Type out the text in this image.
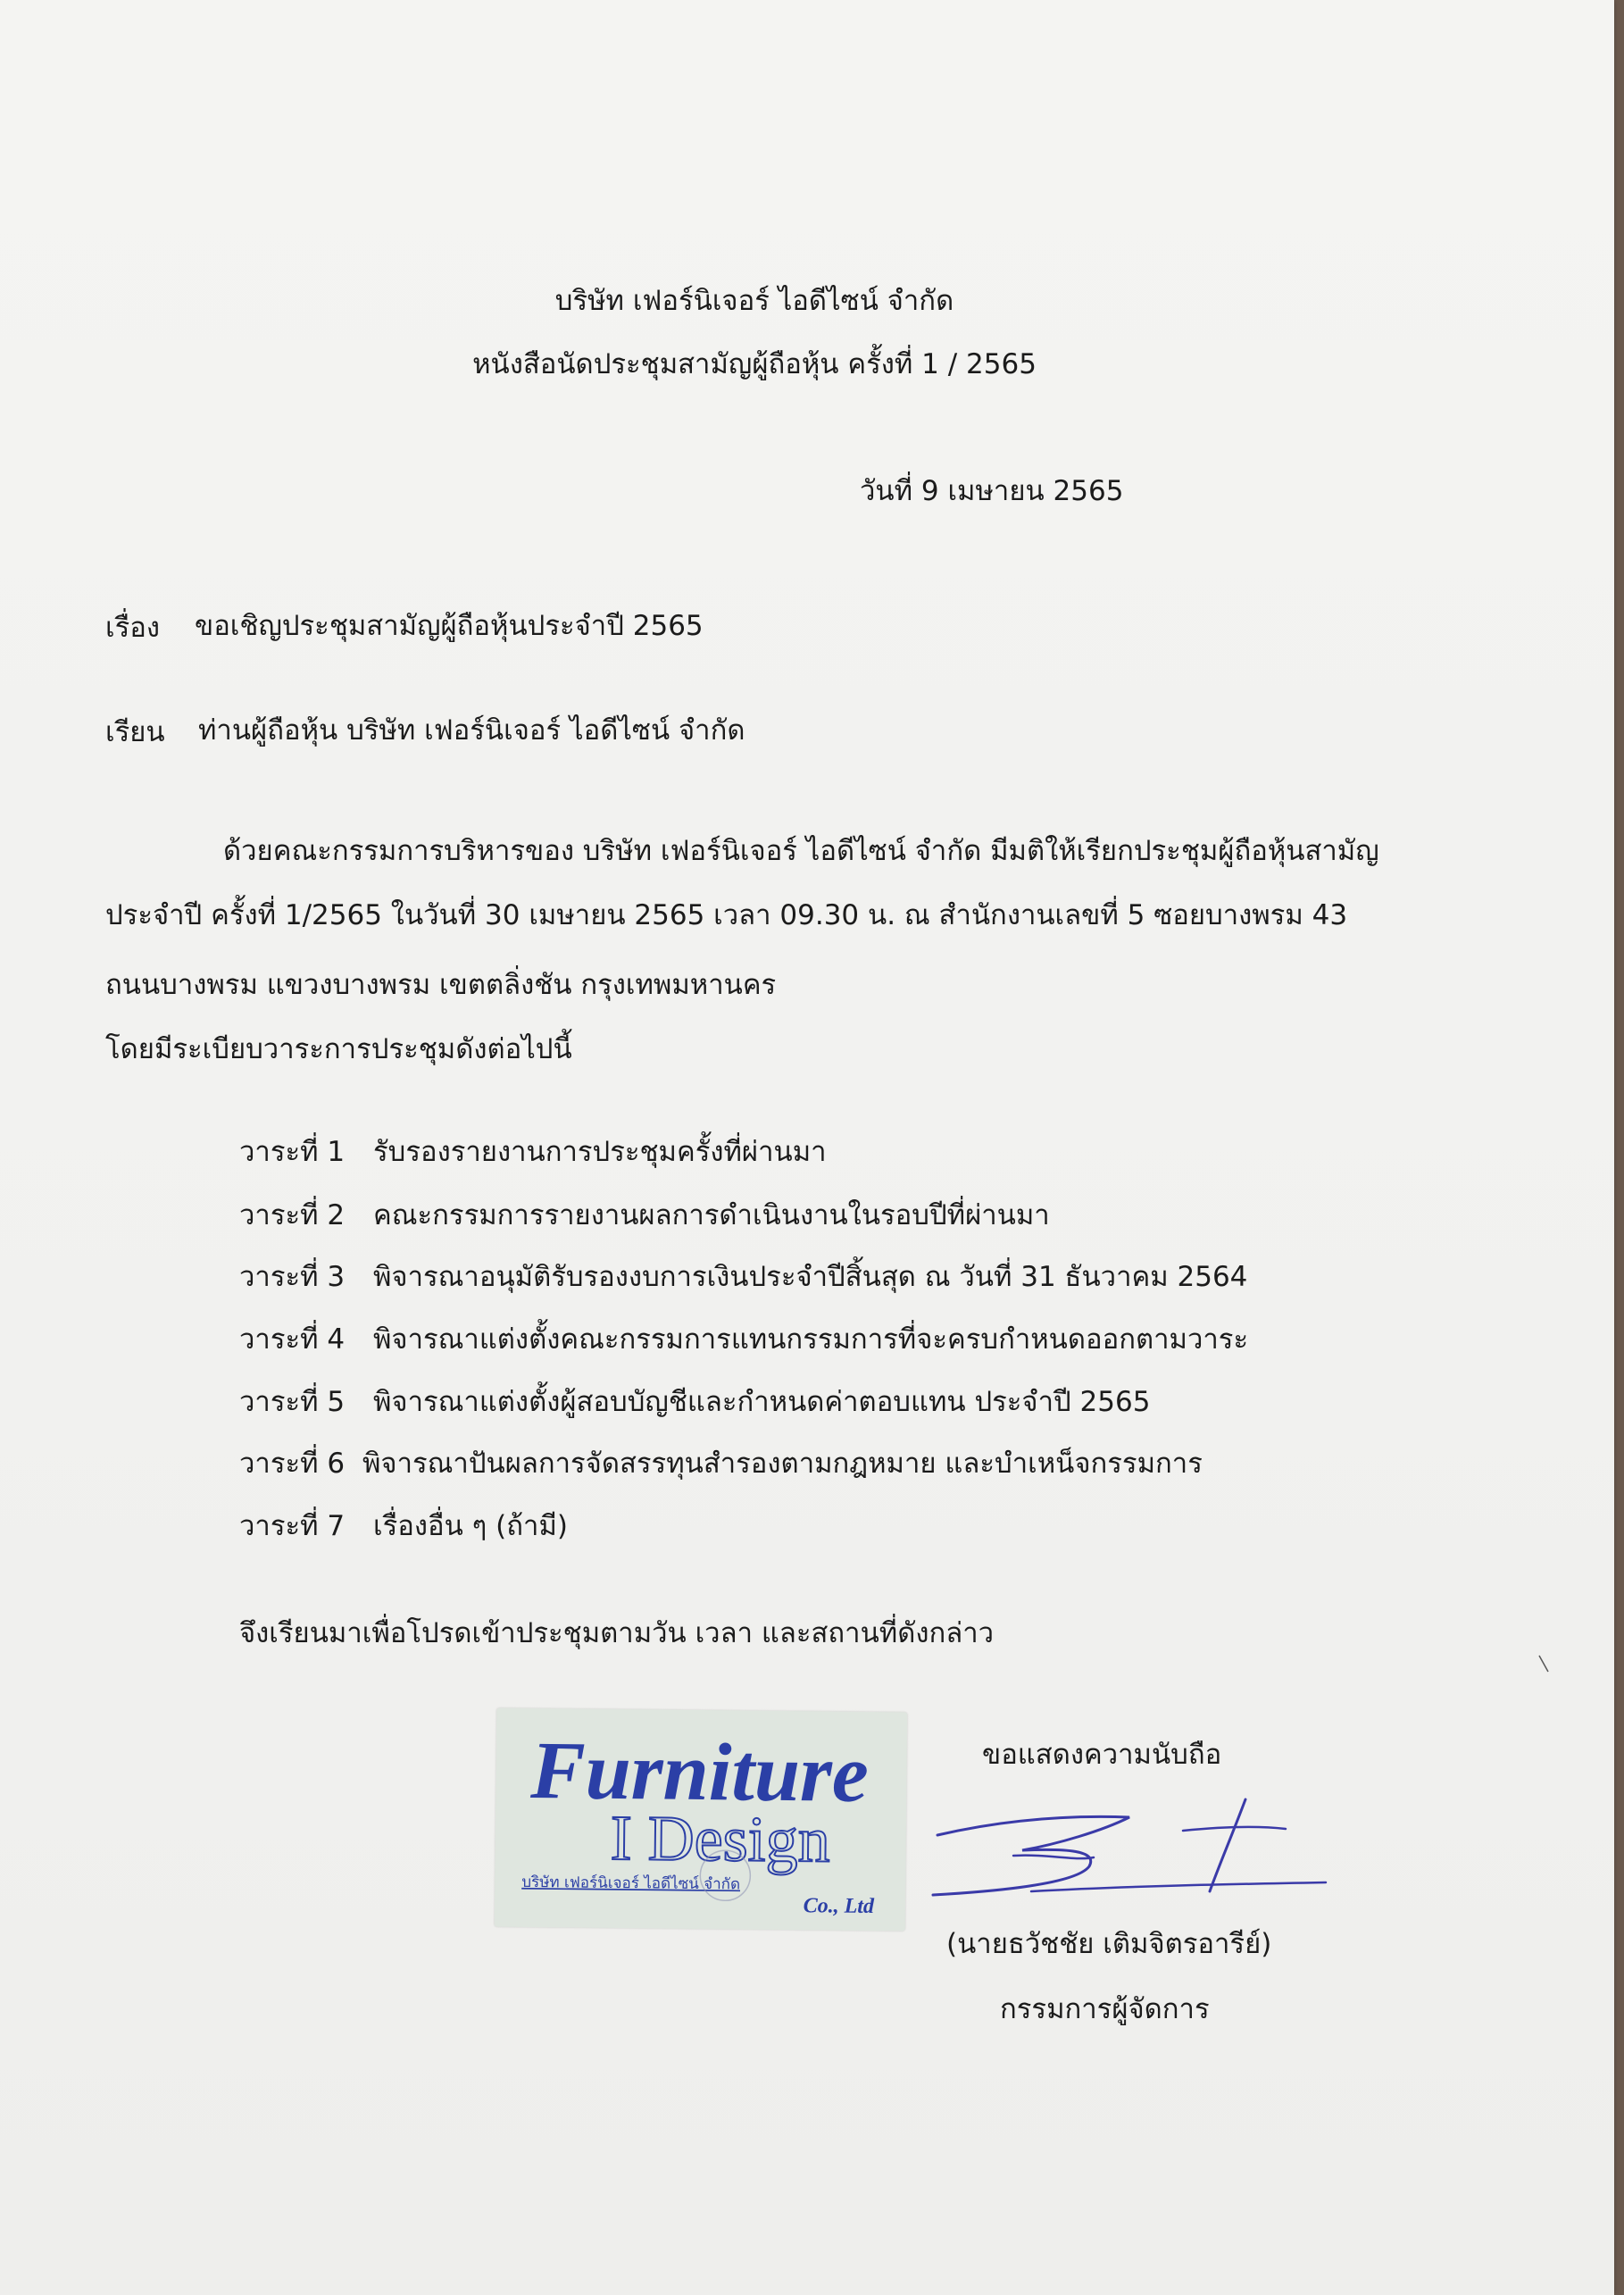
บริษัท เฟอร์นิเจอร์ ไอดีไซน์ จำกัด
หนังสือนัดประชุมสามัญผู้ถือหุ้น ครั้งที่ 1 / 2565
วันที่ 9 เมษายน 2565
เรื่อง ขอเชิญประชุมสามัญผู้ถือหุ้นประจำปี 2565
เรียน ท่านผู้ถือหุ้น บริษัท เฟอร์นิเจอร์ ไอดีไซน์ จำกัด
ด้วยคณะกรรมการบริหารของ บริษัท เฟอร์นิเจอร์ ไอดีไซน์ จำกัด มีมติให้เรียกประชุมผู้ถือหุ้นสามัญ
ประจำปี ครั้งที่ 1/2565 ในวันที่ 30 เมษายน 2565 เวลา 09.30 น. ณ สำนักงานเลขที่ 5 ซอยบางพรม 43
ถนนบางพรม แขวงบางพรม เขตตลิ่งชัน กรุงเทพมหานคร
โดยมีระเบียบวาระการประชุมดังต่อไปนี้
วาระที่ 1 รับรองรายงานการประชุมครั้งที่ผ่านมา
วาระที่ 2 คณะกรรมการรายงานผลการดำเนินงานในรอบปีที่ผ่านมา
วาระที่ 3 พิจารณาอนุมัติรับรองงบการเงินประจำปีสิ้นสุด ณ วันที่ 31 ธันวาคม 2564
วาระที่ 4 พิจารณาแต่งตั้งคณะกรรมการแทนกรรมการที่จะครบกำหนดออกตามวาระ
วาระที่ 5 พิจารณาแต่งตั้งผู้สอบบัญชีและกำหนดค่าตอบแทน ประจำปี 2565
วาระที่ 6 พิจารณาปันผลการจัดสรรทุนสำรองตามกฎหมาย และบำเหน็จกรรมการ
วาระที่ 7 เรื่องอื่น ๆ (ถ้ามี)
จึงเรียนมาเพื่อโปรดเข้าประชุมตามวัน เวลา และสถานที่ดังกล่าว
ขอแสดงความนับถือ
Furniture
I Design
บริษัท เฟอร์นิเจอร์ ไอดีไซน์ จำกัด
Co., Ltd
(นายธวัชชัย เติมจิตรอารีย์)
กรรมการผู้จัดการ
